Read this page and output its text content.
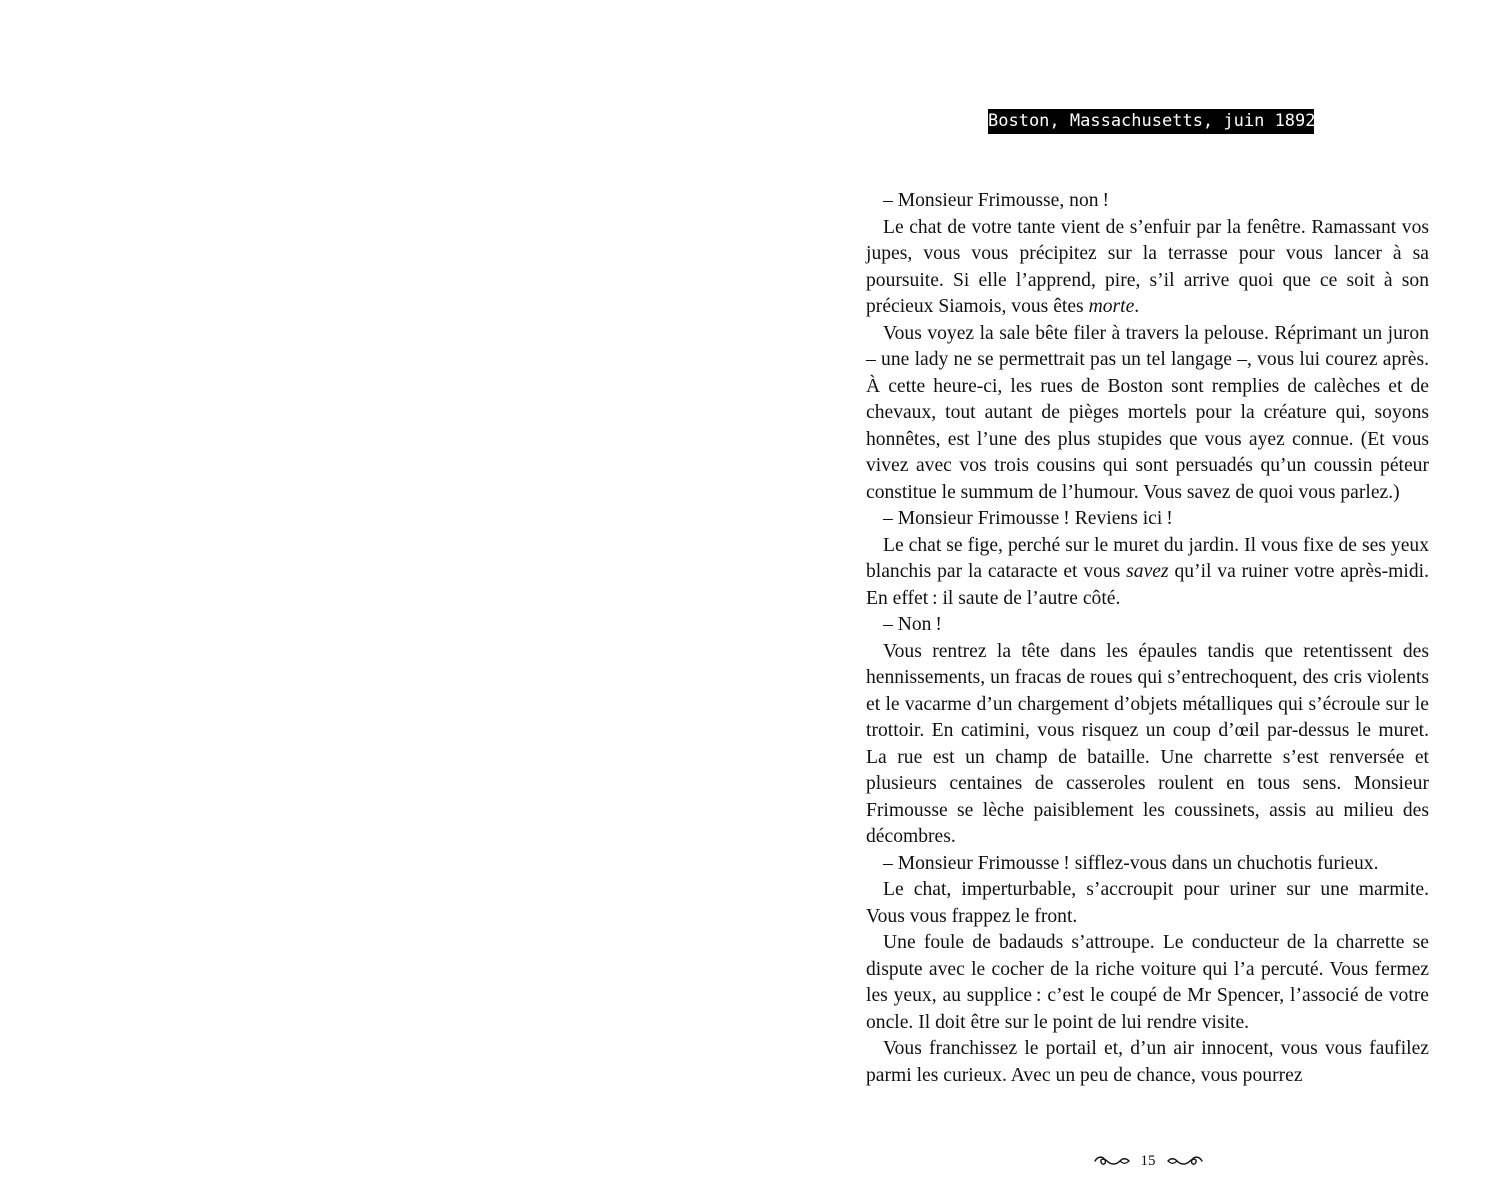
Boston, Massachusetts, juin 1892

– Monsieur Frimousse, non !

Le chat de votre tante vient de s’enfuir par la fenêtre. Ramassant vos jupes, vous vous précipitez sur la terrasse pour vous lancer à sa poursuite. Si elle l’apprend, pire, s’il arrive quoi que ce soit à son précieux Siamois, vous êtes morte.

Vous voyez la sale bête filer à travers la pelouse. Réprimant un juron – une lady ne se permettrait pas un tel langage –, vous lui courez après. À cette heure-ci, les rues de Boston sont remplies de calèches et de chevaux, tout autant de pièges mortels pour la créature qui, soyons honnêtes, est l’une des plus stupides que vous ayez connue. (Et vous vivez avec vos trois cousins qui sont persuadés qu’un coussin péteur constitue le summum de l’humour. Vous savez de quoi vous parlez.)

– Monsieur Frimousse ! Reviens ici !

Le chat se fige, perché sur le muret du jardin. Il vous fixe de ses yeux blanchis par la cataracte et vous savez qu’il va ruiner votre après-midi. En effet : il saute de l’autre côté.

– Non !

Vous rentrez la tête dans les épaules tandis que retentissent des hennissements, un fracas de roues qui s’entrechoquent, des cris violents et le vacarme d’un chargement d’objets métalliques qui s’écroule sur le trottoir. En catimini, vous risquez un coup d’œil par-dessus le muret. La rue est un champ de bataille. Une charrette s’est renversée et plusieurs centaines de casseroles roulent en tous sens. Monsieur Frimousse se lèche paisiblement les coussinets, assis au milieu des décombres.

– Monsieur Frimousse ! sifflez-vous dans un chuchotis furieux.

Le chat, imperturbable, s’accroupit pour uriner sur une marmite. Vous vous frappez le front.

Une foule de badauds s’attroupe. Le conducteur de la charrette se dispute avec le cocher de la riche voiture qui l’a percuté. Vous fermez les yeux, au supplice : c’est le coupé de Mr Spencer, l’associé de votre oncle. Il doit être sur le point de lui rendre visite.

Vous franchissez le portail et, d’un air innocent, vous vous faufilez parmi les curieux. Avec un peu de chance, vous pourrez

15
